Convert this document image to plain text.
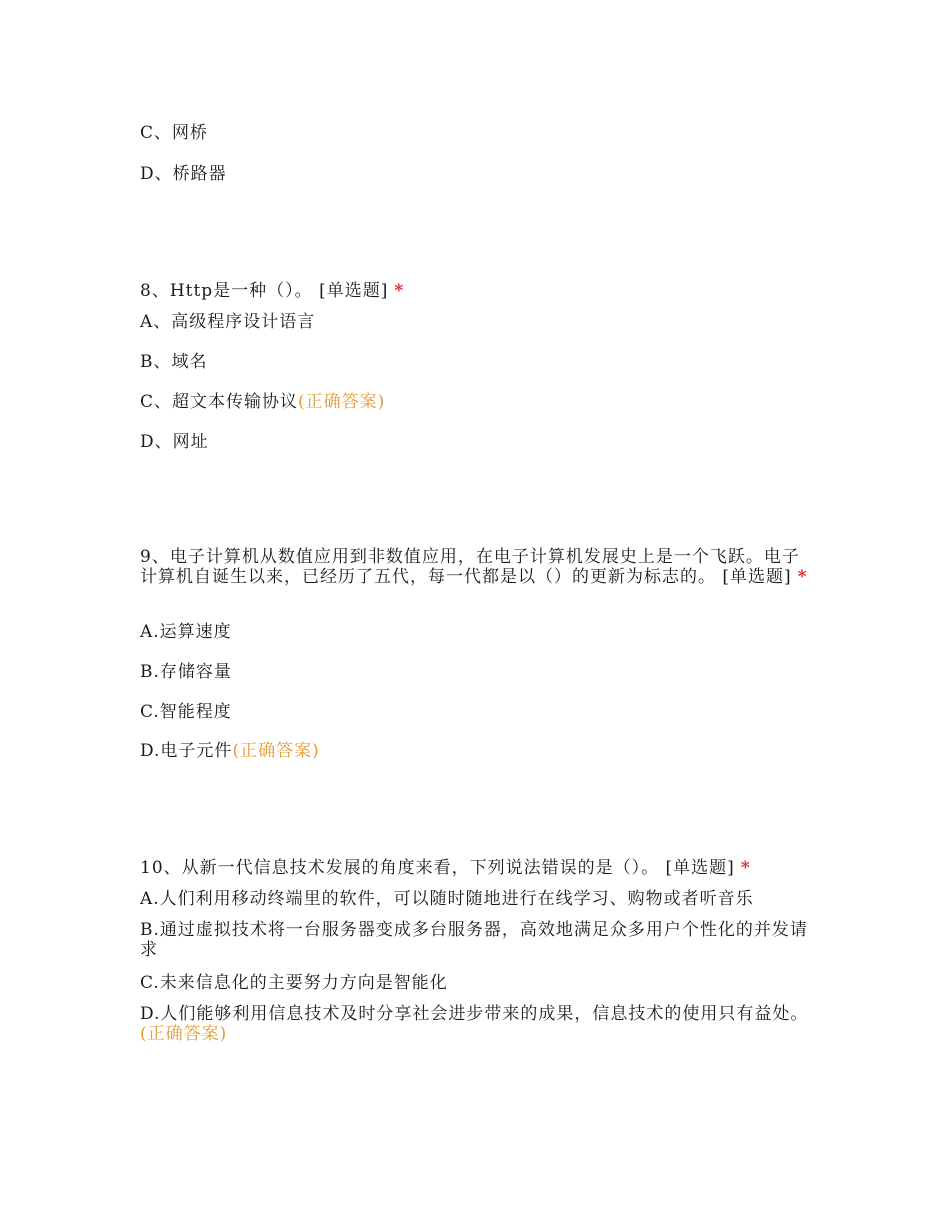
C、网桥
D、桥路器
8、Http是一种（）。 [单选题] *
A、高级程序设计语言
B、域名
C、超文本传输协议(正确答案)
D、网址
9、电子计算机从数值应用到非数值应用，在电子计算机发展史上是一个飞跃。电子计算机自诞生以来，已经历了五代，每一代都是以（）的更新为标志的。 [单选题] *
A.运算速度
B.存储容量
C.智能程度
D.电子元件(正确答案)
10、从新一代信息技术发展的角度来看，下列说法错误的是（）。 [单选题] *
A.人们利用移动终端里的软件，可以随时随地进行在线学习、购物或者听音乐
B.通过虚拟技术将一台服务器变成多台服务器，高效地满足众多用户个性化的并发请求
C.未来信息化的主要努力方向是智能化
D.人们能够利用信息技术及时分享社会进步带来的成果，信息技术的使用只有益处。(正确答案)
